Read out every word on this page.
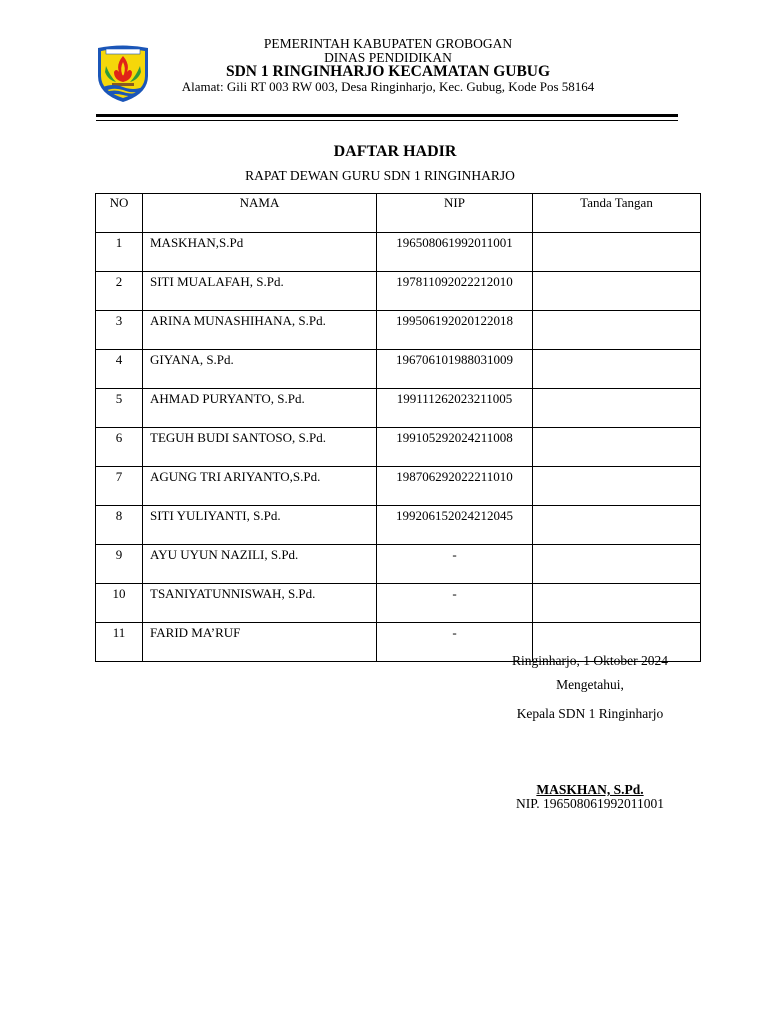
PEMERINTAH KABUPATEN GROBOGAN
DINAS PENDIDIKAN
SDN 1 RINGINHARJO KECAMATAN GUBUG
Alamat: Gili RT 003 RW 003, Desa Ringinharjo, Kec. Gubug, Kode Pos 58164
DAFTAR HADIR
RAPAT DEWAN GURU SDN 1 RINGINHARJO
NO	NAMA	NIP	Tanda Tangan
1	MASKHAN,S.Pd	196508061992011001	
2	SITI MUALAFAH, S.Pd.	197811092022212010	
3	ARINA MUNASHIHANA, S.Pd.	199506192020122018	
4	GIYANA, S.Pd.	196706101988031009	
5	AHMAD PURYANTO, S.Pd.	199111262023211005	
6	TEGUH BUDI SANTOSO, S.Pd.	199105292024211008	
7	AGUNG TRI ARIYANTO,S.Pd.	198706292022211010	
8	SITI YULIYANTI, S.Pd.	199206152024212045	
9	AYU UYUN NAZILI, S.Pd.	-	
10	TSANIYATUNNISWAH, S.Pd.	-	
11	FARID MA’RUF	-	
Ringinharjo, 1 Oktober 2024
Mengetahui,
Kepala SDN 1 Ringinharjo
MASKHAN, S.Pd.
NIP. 196508061992011001
